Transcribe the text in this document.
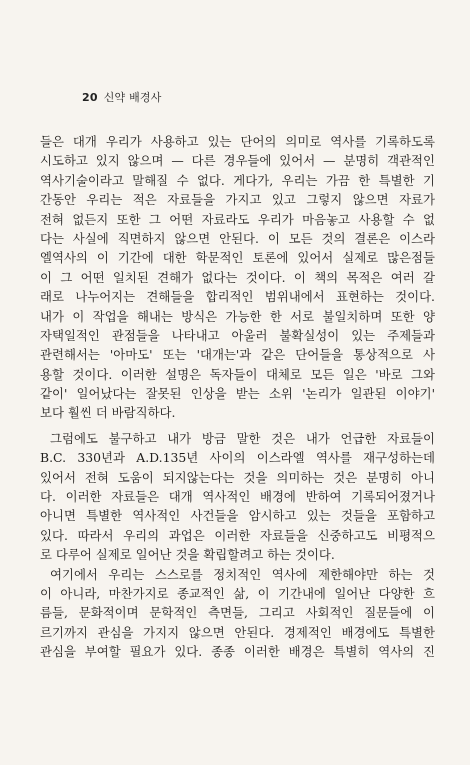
20 신약 배경사
들은 대개 우리가 사용하고 있는 단어의 의미로 역사를 기록하도록
시도하고 있지 않으며 — 다른 경우들에 있어서 — 분명히 객관적인
역사기술이라고 말해질 수 없다. 게다가, 우리는 가끔 한 특별한 기
간동안 우리는 적은 자료들을 가지고 있고 그렇지 않으면 자료가
전혀 없든지 또한 그 어떤 자료라도 우리가 마음놓고 사용할 수 없
다는 사실에 직면하지 않으면 안된다. 이 모든 것의 결론은 이스라
엘역사의 이 기간에 대한 학문적인 토론에 있어서 실제로 많은점들
이 그 어떤 일치된 견해가 없다는 것이다. 이 책의 목적은 여러 갈
래로 나누어지는 견해들을 합리적인 범위내에서 표현하는 것이다.
내가 이 작업을 해내는 방식은 가능한 한 서로 불일치하며 또한 양
자택일적인 관점들을 나타내고 아울러 불확실성이 있는 주제들과
관련해서는 '아마도' 또는 '대개는'과 같은 단어들을 통상적으로 사
용할 것이다. 이러한 설명은 독자들이 대체로 모든 일은 '바로 그와
같이' 일어났다는 잘못된 인상을 받는 소위 '논리가 일관된 이야기'
보다 훨씬 더 바람직하다.
그럼에도 불구하고 내가 방금 말한 것은 내가 언급한 자료들이
B.C. 330년과 A.D.135년 사이의 이스라엘 역사를 재구성하는데
있어서 전혀 도움이 되지않는다는 것을 의미하는 것은 분명히 아니
다. 이러한 자료들은 대개 역사적인 배경에 반하여 기록되어졌거나
아니면 특별한 역사적인 사건들을 암시하고 있는 것들을 포함하고
있다. 따라서 우리의 과업은 이러한 자료들을 신중하고도 비평적으
로 다루어 실제로 일어난 것을 확립할려고 하는 것이다.
여기에서 우리는 스스로를 정치적인 역사에 제한해야만 하는 것
이 아니라, 마찬가지로 종교적인 삶, 이 기간내에 일어난 다양한 흐
름들, 문화적이며 문학적인 측면들, 그리고 사회적인 질문들에 이
르기까지 관심을 가지지 않으면 안된다. 경제적인 배경에도 특별한
관심을 부여할 필요가 있다. 종종 이러한 배경은 특별히 역사의 진
